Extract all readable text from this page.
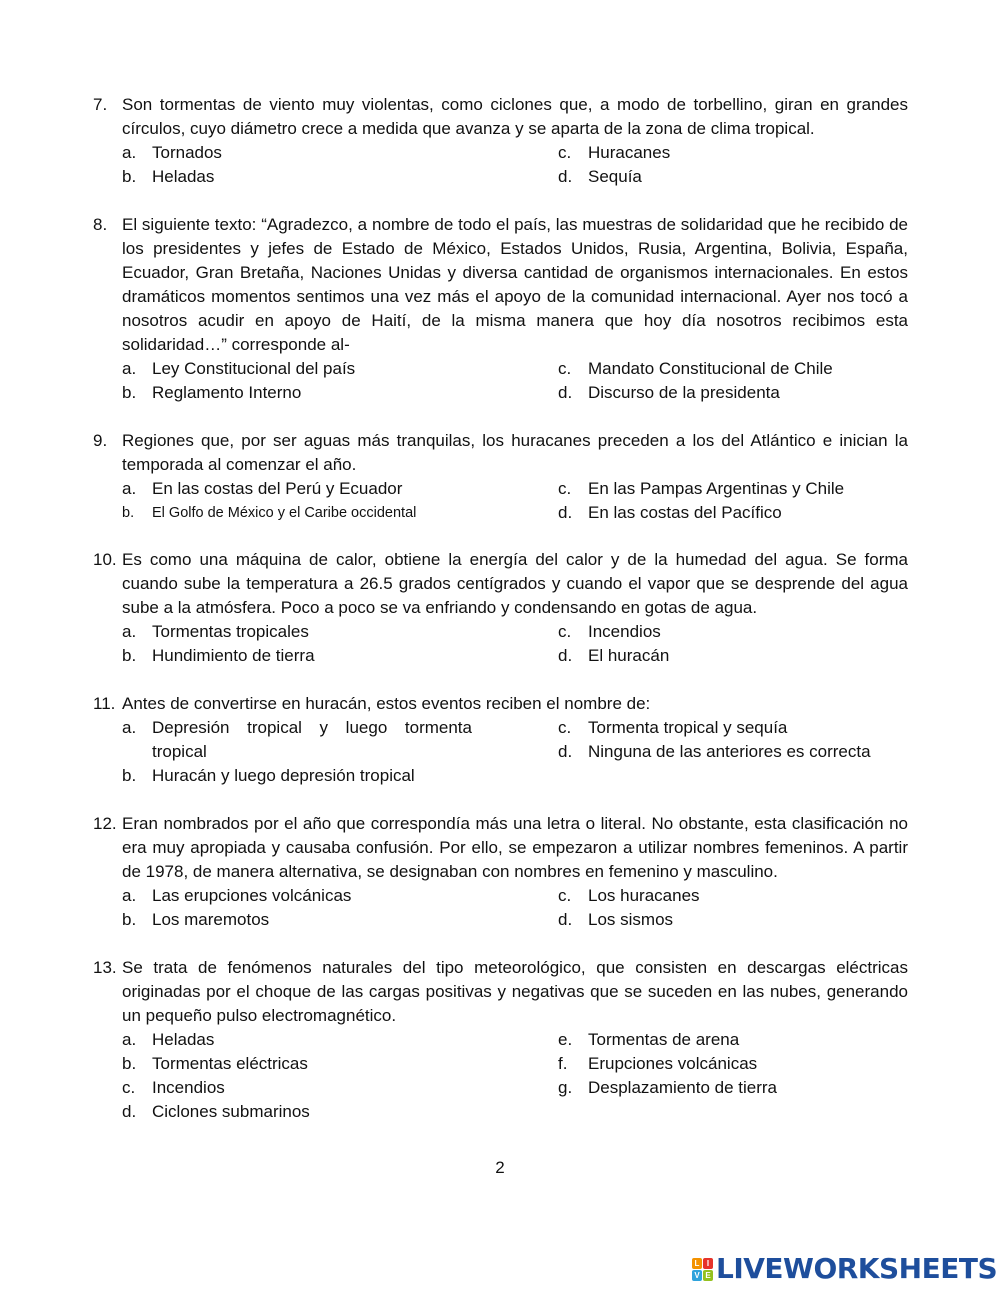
7. Son tormentas de viento muy violentas, como ciclones que, a modo de torbellino, giran en grandes círculos, cuyo diámetro crece a medida que avanza y se aparta de la zona de clima tropical.
a. Tornados
b. Heladas
c. Huracanes
d. Sequía
8. El siguiente texto: “Agradezco, a nombre de todo el país, las muestras de solidaridad que he recibido de los presidentes y jefes de Estado de México, Estados Unidos, Rusia, Argentina, Bolivia, España, Ecuador, Gran Bretaña, Naciones Unidas y diversa cantidad de organismos internacionales. En estos dramáticos momentos sentimos una vez más el apoyo de la comunidad internacional. Ayer nos tocó a nosotros acudir en apoyo de Haití, de la misma manera que hoy día nosotros recibimos esta solidaridad…” corresponde al-
a. Ley Constitucional del país
b. Reglamento Interno
c. Mandato Constitucional de Chile
d. Discurso de la presidenta
9. Regiones que, por ser aguas más tranquilas, los huracanes preceden a los del Atlántico e inician la temporada al comenzar el año.
a. En las costas del Perú y Ecuador
b.	El Golfo de México y el Caribe occidental
c. En las Pampas Argentinas y Chile
d. En las costas del Pacífico
10. Es como una máquina de calor, obtiene la energía del calor y de la humedad del agua. Se forma cuando sube la temperatura a 26.5 grados centígrados y cuando el vapor que se desprende del agua sube a la atmósfera. Poco a poco se va enfriando y condensando en gotas de agua.
a. Tormentas tropicales
b. Hundimiento de tierra
c. Incendios
d. El huracán
11. Antes de convertirse en huracán, estos eventos reciben el nombre de:
a. Depresión tropical y luego tormenta tropical
b. Huracán y luego depresión tropical
c. Tormenta tropical y sequía
d. Ninguna de las anteriores es correcta
12. Eran nombrados por el año que correspondía más una letra o literal. No obstante, esta clasificación no era muy apropiada y causaba confusión. Por ello, se empezaron a utilizar nombres femeninos. A partir de 1978, de manera alternativa, se designaban con nombres en femenino y masculino.
a. Las erupciones volcánicas
b. Los maremotos
c. Los huracanes
d. Los sismos
13. Se trata de fenómenos naturales del tipo meteorológico, que consisten en descargas eléctricas originadas por el choque de las cargas positivas y negativas que se suceden en las nubes, generando un pequeño pulso electromagnético.
a. Heladas
b. Tormentas eléctricas
c. Incendios
d. Ciclones submarinos
e. Tormentas de arena
f.	Erupciones volcánicas
g. Desplazamiento de tierra
2
L I
V E LIVEWORKSHEETS
